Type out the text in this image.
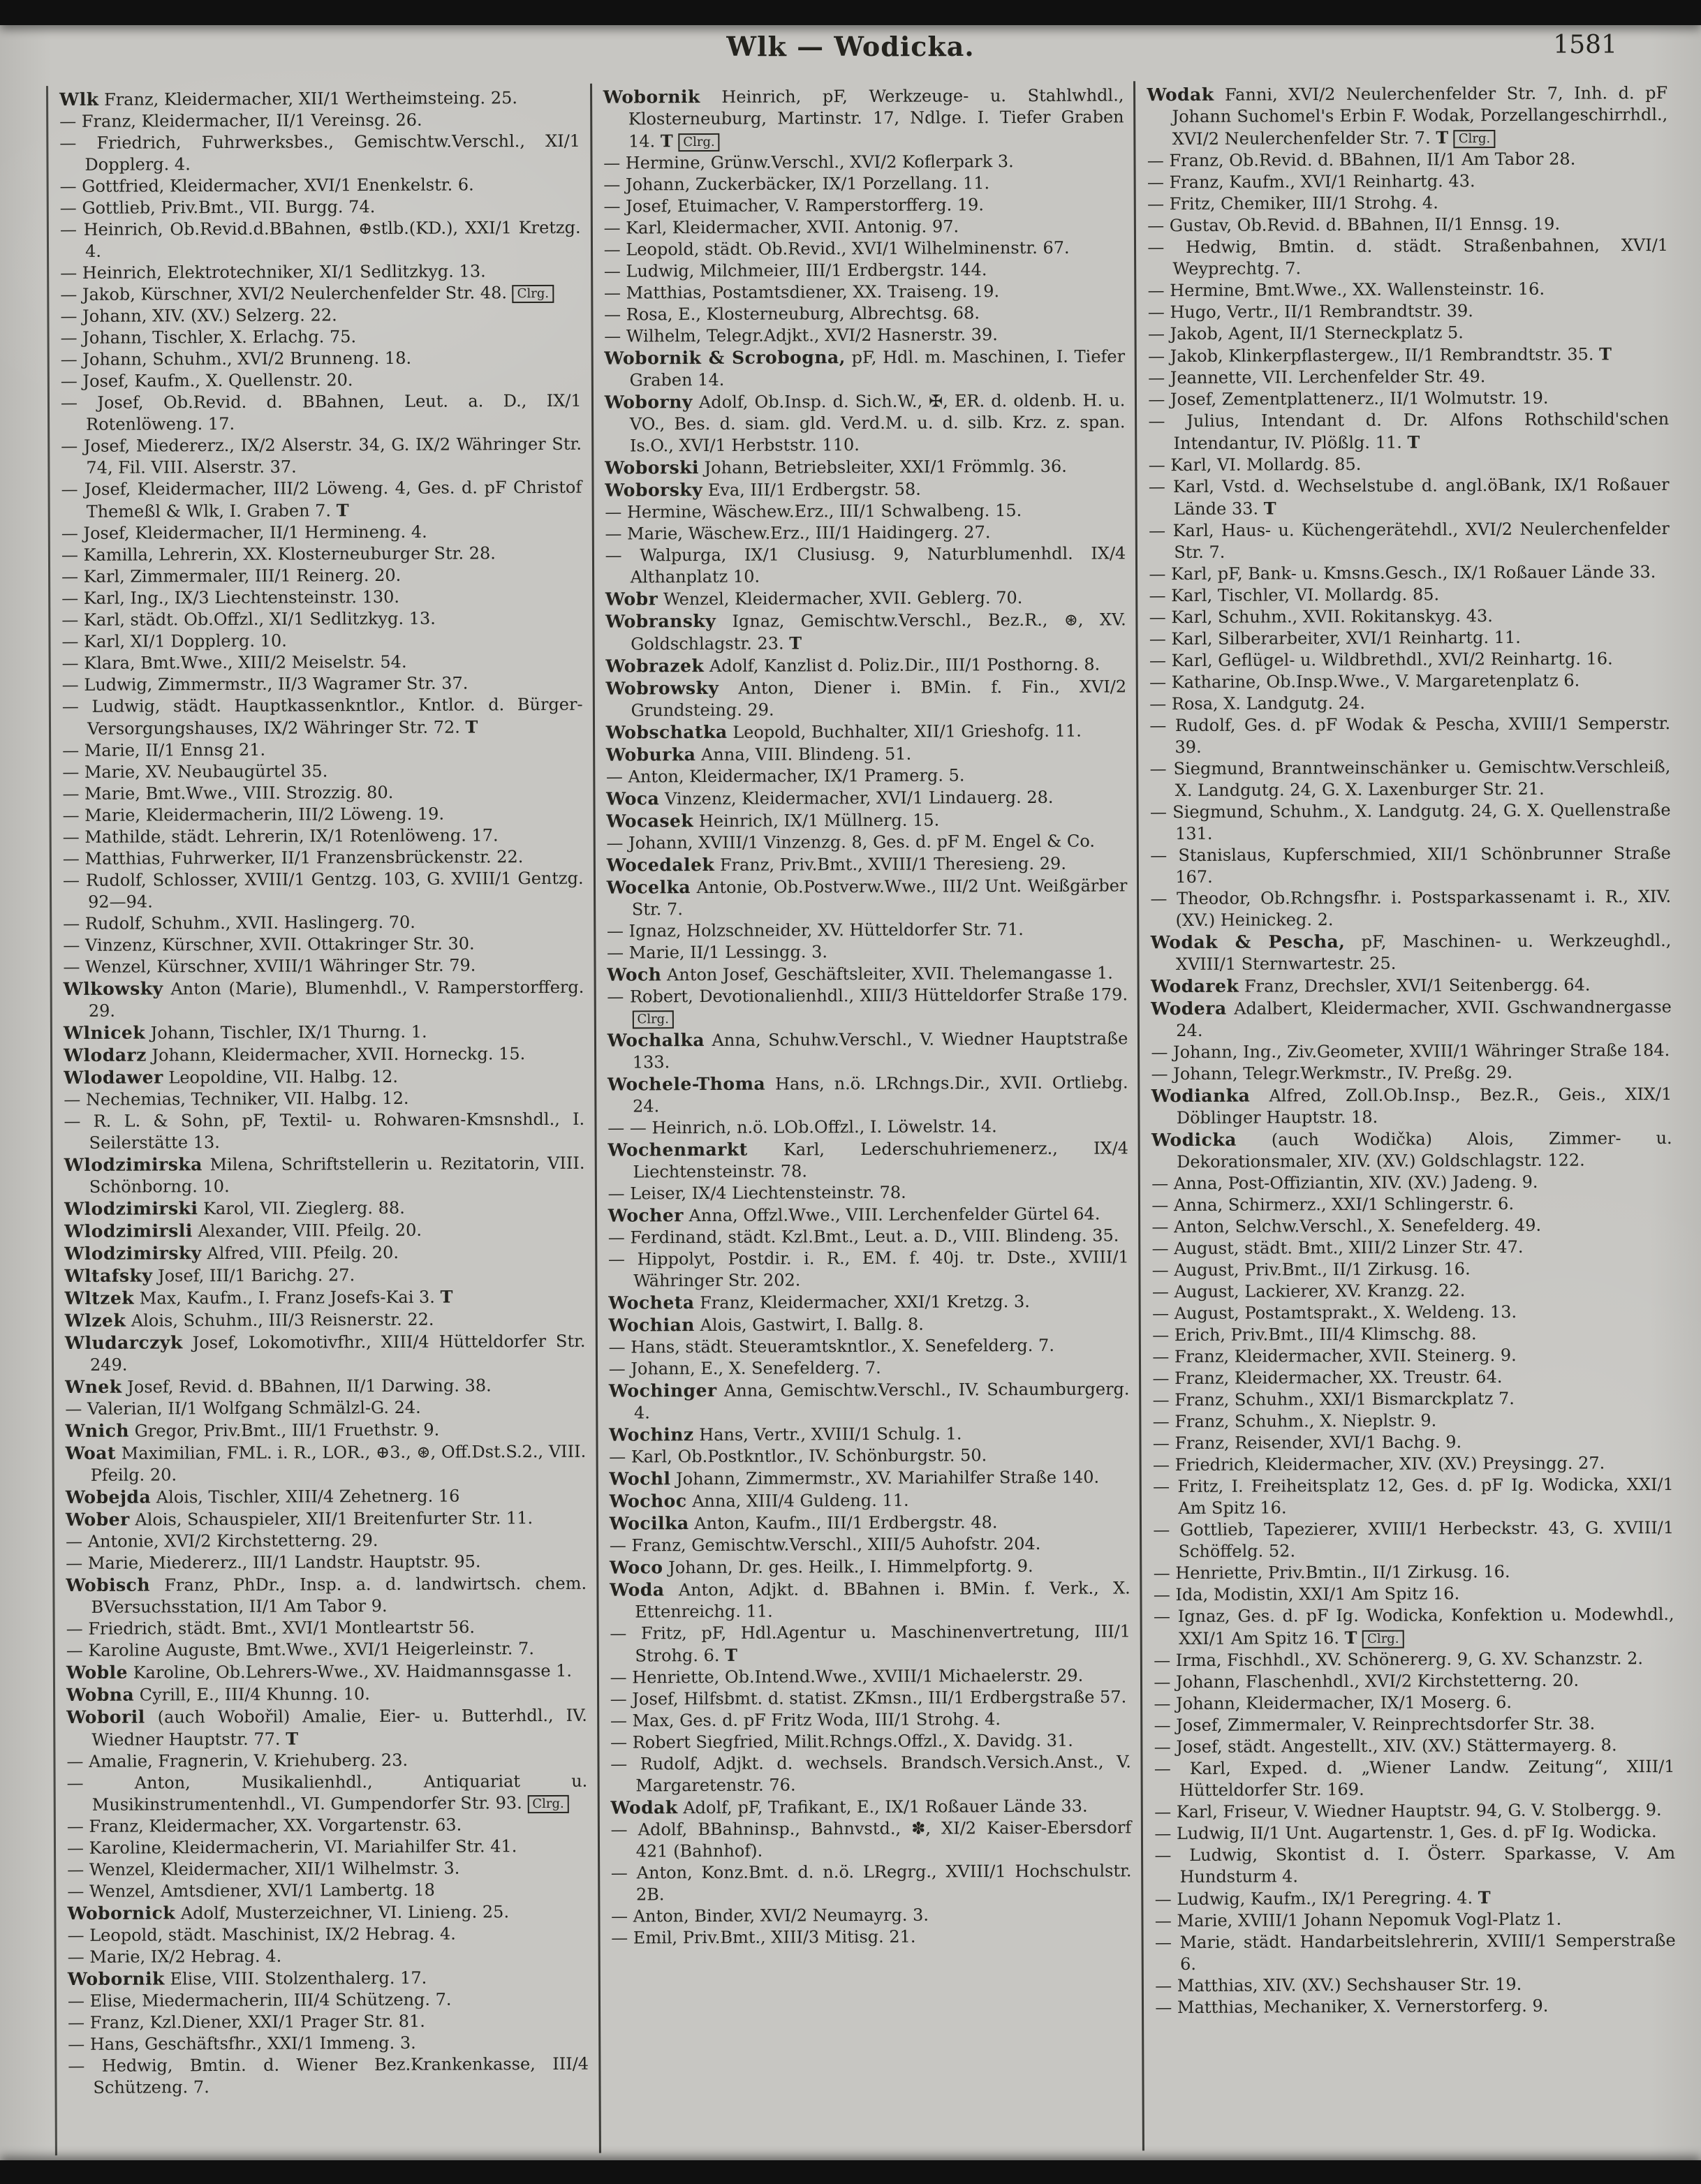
Wlk — Wodicka.	1581

Wlk Franz, Kleidermacher, XII/1 Wertheimsteing. 25.

— Franz, Kleidermacher, II/1 Vereinsg. 26.

— Friedrich, Fuhrwerksbes., Gemischtw.Verschl., XI/1 Dopplerg. 4.

— Gottfried, Kleidermacher, XVI/1 Enenkelstr. 6.

— Gottlieb, Priv.Bmt., VII. Burgg. 74.

— Heinrich, Ob.Revid.d.BBahnen, ⊕stlb.(KD.), XXI/1 Kretzg. 4.

— Heinrich, Elektrotechniker, XI/1 Sedlitzkyg. 13.

— Jakob, Kürschner, XVI/2 Neulerchenfelder Str. 48. Clrg.

— Johann, XIV. (XV.) Selzerg. 22.

— Johann, Tischler, X. Erlachg. 75.

— Johann, Schuhm., XVI/2 Brunneng. 18.

— Josef, Kaufm., X. Quellenstr. 20.

— Josef, Ob.Revid. d. BBahnen, Leut. a. D., IX/1 Rotenlöweng. 17.

— Josef, Miedererz., IX/2 Alserstr. 34, G. IX/2 Währinger Str. 74, Fil. VIII. Alserstr. 37.

— Josef, Kleidermacher, III/2 Löweng. 4, Ges. d. pF Christof Themeßl & Wlk, I. Graben 7. T

— Josef, Kleidermacher, II/1 Hermineng. 4.

— Kamilla, Lehrerin, XX. Klosterneuburger Str. 28.

— Karl, Zimmermaler, III/1 Reinerg. 20.

— Karl, Ing., IX/3 Liechtensteinstr. 130.

— Karl, städt. Ob.Offzl., XI/1 Sedlitzkyg. 13.

— Karl, XI/1 Dopplerg. 10.

— Klara, Bmt.Wwe., XIII/2 Meiselstr. 54.

— Ludwig, Zimmermstr., II/3 Wagramer Str. 37.

— Ludwig, städt. Hauptkassenkntlor., Kntlor. d. Bürger-Versorgungshauses, IX/2 Währinger Str. 72. T

— Marie, II/1 Ennsg 21.

— Marie, XV. Neubaugürtel 35.

— Marie, Bmt.Wwe., VIII. Strozzig. 80.

— Marie, Kleidermacherin, III/2 Löweng. 19.

— Mathilde, städt. Lehrerin, IX/1 Rotenlöweng. 17.

— Matthias, Fuhrwerker, II/1 Franzensbrückenstr. 22.

— Rudolf, Schlosser, XVIII/1 Gentzg. 103, G. XVIII/1 Gentzg. 92—94.

— Rudolf, Schuhm., XVII. Haslingerg. 70.

— Vinzenz, Kürschner, XVII. Ottakringer Str. 30.

— Wenzel, Kürschner, XVIII/1 Währinger Str. 79.

Wlkowsky Anton (Marie), Blumenhdl., V. Ramperstorfferg. 29.

Wlnicek Johann, Tischler, IX/1 Thurng. 1.

Wlodarz Johann, Kleidermacher, XVII. Horneckg. 15.

Wlodawer Leopoldine, VII. Halbg. 12.

— Nechemias, Techniker, VII. Halbg. 12.

— R. L. & Sohn, pF, Textil- u. Rohwaren-Kmsnshdl., I. Seilerstätte 13.

Wlodzimirska Milena, Schriftstellerin u. Rezitatorin, VIII. Schönborng. 10.

Wlodzimirski Karol, VII. Zieglerg. 88.

Wlodzimirsli Alexander, VIII. Pfeilg. 20.

Wlodzimirsky Alfred, VIII. Pfeilg. 20.

Wltafsky Josef, III/1 Barichg. 27.

Wltzek Max, Kaufm., I. Franz Josefs-Kai 3. T

Wlzek Alois, Schuhm., III/3 Reisnerstr. 22.

Wludarczyk Josef, Lokomotivfhr., XIII/4 Hütteldorfer Str. 249.

Wnek Josef, Revid. d. BBahnen, II/1 Darwing. 38.

— Valerian, II/1 Wolfgang Schmälzl-G. 24.

Wnich Gregor, Priv.Bmt., III/1 Fruethstr. 9.

Woat Maximilian, FML. i. R., LOR., ⊕3., ⊛, Off.Dst.S.2., VIII. Pfeilg. 20.

Wobejda Alois, Tischler, XIII/4 Zehetnerg. 16

Wober Alois, Schauspieler, XII/1 Breitenfurter Str. 11.

— Antonie, XVI/2 Kirchstetterng. 29.

— Marie, Miedererz., III/1 Landstr. Hauptstr. 95.

Wobisch Franz, PhDr., Insp. a. d. landwirtsch. chem. BVersuchsstation, II/1 Am Tabor 9.

— Friedrich, städt. Bmt., XVI/1 Montleartstr 56.

— Karoline Auguste, Bmt.Wwe., XVI/1 Heigerleinstr. 7.

Woble Karoline, Ob.Lehrers-Wwe., XV. Haidmannsgasse 1.

Wobna Cyrill, E., III/4 Khunng. 10.

Woboril (auch Wobořil) Amalie, Eier- u. Butterhdl., IV. Wiedner Hauptstr. 77. T

— Amalie, Fragnerin, V. Kriehuberg. 23.

— Anton, Musikalienhdl., Antiquariat u. Musikinstrumentenhdl., VI. Gumpendorfer Str. 93. Clrg.

— Franz, Kleidermacher, XX. Vorgartenstr. 63.

— Karoline, Kleidermacherin, VI. Mariahilfer Str. 41.

— Wenzel, Kleidermacher, XII/1 Wilhelmstr. 3.

— Wenzel, Amtsdiener, XVI/1 Lambertg. 18

Wobornick Adolf, Musterzeichner, VI. Linieng. 25.

— Leopold, städt. Maschinist, IX/2 Hebrag. 4.

— Marie, IX/2 Hebrag. 4.

Wobornik Elise, VIII. Stolzenthalerg. 17.

— Elise, Miedermacherin, III/4 Schützeng. 7.

— Franz, Kzl.Diener, XXI/1 Prager Str. 81.

— Hans, Geschäftsfhr., XXI/1 Immeng. 3.

— Hedwig, Bmtin. d. Wiener Bez.Krankenkasse, III/4 Schützeng. 7.

Wobornik Heinrich, pF, Werkzeuge- u. Stahlwhdl., Klosterneuburg, Martinstr. 17, Ndlge. I. Tiefer Graben 14. T Clrg.

— Hermine, Grünw.Verschl., XVI/2 Koflerpark 3.

— Johann, Zuckerbäcker, IX/1 Porzellang. 11.

— Josef, Etuimacher, V. Ramperstorfferg. 19.

— Karl, Kleidermacher, XVII. Antonig. 97.

— Leopold, städt. Ob.Revid., XVI/1 Wilhelminenstr. 67.

— Ludwig, Milchmeier, III/1 Erdbergstr. 144.

— Matthias, Postamtsdiener, XX. Traiseng. 19.

— Rosa, E., Klosterneuburg, Albrechtsg. 68.

— Wilhelm, Telegr.Adjkt., XVI/2 Hasnerstr. 39.

Wobornik & Scrobogna, pF, Hdl. m. Maschinen, I. Tiefer Graben 14.

Woborny Adolf, Ob.Insp. d. Sich.W., ✠, ER. d. oldenb. H. u. VO., Bes. d. siam. gld. Verd.M. u. d. silb. Krz. z. span. Is.O., XVI/1 Herbststr. 110.

Woborski Johann, Betriebsleiter, XXI/1 Frömmlg. 36.

Woborsky Eva, III/1 Erdbergstr. 58.

— Hermine, Wäschew.Erz., III/1 Schwalbeng. 15.

— Marie, Wäschew.Erz., III/1 Haidingerg. 27.

— Walpurga, IX/1 Clusiusg. 9, Naturblumenhdl. IX/4 Althanplatz 10.

Wobr Wenzel, Kleidermacher, XVII. Geblerg. 70.

Wobransky Ignaz, Gemischtw.Verschl., Bez.R., ⊛, XV. Goldschlagstr. 23. T

Wobrazek Adolf, Kanzlist d. Poliz.Dir., III/1 Posthorng. 8.

Wobrowsky Anton, Diener i. BMin. f. Fin., XVI/2 Grundsteing. 29.

Wobschatka Leopold, Buchhalter, XII/1 Grieshofg. 11.

Woburka Anna, VIII. Blindeng. 51.

— Anton, Kleidermacher, IX/1 Pramerg. 5.

Woca Vinzenz, Kleidermacher, XVI/1 Lindauerg. 28.

Wocasek Heinrich, IX/1 Müllnerg. 15.

— Johann, XVIII/1 Vinzenzg. 8, Ges. d. pF M. Engel & Co.

Wocedalek Franz, Priv.Bmt., XVIII/1 Theresieng. 29.

Wocelka Antonie, Ob.Postverw.Wwe., III/2 Unt. Weißgärber Str. 7.

— Ignaz, Holzschneider, XV. Hütteldorfer Str. 71.

— Marie, II/1 Lessingg. 3.

Woch Anton Josef, Geschäftsleiter, XVII. Thelemangasse 1.

— Robert, Devotionalienhdl., XIII/3 Hütteldorfer Straße 179. Clrg.

Wochalka Anna, Schuhw.Verschl., V. Wiedner Hauptstraße 133.

Wochele-Thoma Hans, n.ö. LRchngs.Dir., XVII. Ortliebg. 24.

— — Heinrich, n.ö. LOb.Offzl., I. Löwelstr. 14.

Wochenmarkt Karl, Lederschuhriemenerz., IX/4 Liechtensteinstr. 78.

— Leiser, IX/4 Liechtensteinstr. 78.

Wocher Anna, Offzl.Wwe., VIII. Lerchenfelder Gürtel 64.

— Ferdinand, städt. Kzl.Bmt., Leut. a. D., VIII. Blindeng. 35.

— Hippolyt, Postdir. i. R., EM. f. 40j. tr. Dste., XVIII/1 Währinger Str. 202.

Wocheta Franz, Kleidermacher, XXI/1 Kretzg. 3.

Wochian Alois, Gastwirt, I. Ballg. 8.

— Hans, städt. Steueramtskntlor., X. Senefelderg. 7.

— Johann, E., X. Senefelderg. 7.

Wochinger Anna, Gemischtw.Verschl., IV. Schaumburgerg. 4.

Wochinz Hans, Vertr., XVIII/1 Schulg. 1.

— Karl, Ob.Postkntlor., IV. Schönburgstr. 50.

Wochl Johann, Zimmermstr., XV. Mariahilfer Straße 140.

Wochoc Anna, XIII/4 Guldeng. 11.

Wocilka Anton, Kaufm., III/1 Erdbergstr. 48.

— Franz, Gemischtw.Verschl., XIII/5 Auhofstr. 204.

Woco Johann, Dr. ges. Heilk., I. Himmelpfortg. 9.

Woda Anton, Adjkt. d. BBahnen i. BMin. f. Verk., X. Ettenreichg. 11.

— Fritz, pF, Hdl.Agentur u. Maschinenvertretung, III/1 Strohg. 6. T

— Henriette, Ob.Intend.Wwe., XVIII/1 Michaelerstr. 29.

— Josef, Hilfsbmt. d. statist. ZKmsn., III/1 Erdbergstraße 57.

— Max, Ges. d. pF Fritz Woda, III/1 Strohg. 4.

— Robert Siegfried, Milit.Rchngs.Offzl., X. Davidg. 31.

— Rudolf, Adjkt. d. wechsels. Brandsch.Versich.Anst., V. Margaretenstr. 76.

Wodak Adolf, pF, Trafikant, E., IX/1 Roßauer Lände 33.

— Adolf, BBahninsp., Bahnvstd., ✽, XI/2 Kaiser-Ebersdorf 421 (Bahnhof).

— Anton, Konz.Bmt. d. n.ö. LRegrg., XVIII/1 Hochschulstr. 2B.

— Anton, Binder, XVI/2 Neumayrg. 3.

— Emil, Priv.Bmt., XIII/3 Mitisg. 21.

Wodak Fanni, XVI/2 Neulerchenfelder Str. 7, Inh. d. pF Johann Suchomel's Erbin F. Wodak, Porzellangeschirrhdl., XVI/2 Neulerchenfelder Str. 7. T Clrg.

— Franz, Ob.Revid. d. BBahnen, II/1 Am Tabor 28.

— Franz, Kaufm., XVI/1 Reinhartg. 43.

— Fritz, Chemiker, III/1 Strohg. 4.

— Gustav, Ob.Revid. d. BBahnen, II/1 Ennsg. 19.

— Hedwig, Bmtin. d. städt. Straßenbahnen, XVI/1 Weyprechtg. 7.

— Hermine, Bmt.Wwe., XX. Wallensteinstr. 16.

— Hugo, Vertr., II/1 Rembrandtstr. 39.

— Jakob, Agent, II/1 Sterneckplatz 5.

— Jakob, Klinkerpflastergew., II/1 Rembrandtstr. 35. T

— Jeannette, VII. Lerchenfelder Str. 49.

— Josef, Zementplattenerz., II/1 Wolmutstr. 19.

— Julius, Intendant d. Dr. Alfons Rothschild'schen Intendantur, IV. Plößlg. 11. T

— Karl, VI. Mollardg. 85.

— Karl, Vstd. d. Wechselstube d. angl.öBank, IX/1 Roßauer Lände 33. T

— Karl, Haus- u. Küchengerätehdl., XVI/2 Neulerchenfelder Str. 7.

— Karl, pF, Bank- u. Kmsns.Gesch., IX/1 Roßauer Lände 33.

— Karl, Tischler, VI. Mollardg. 85.

— Karl, Schuhm., XVII. Rokitanskyg. 43.

— Karl, Silberarbeiter, XVI/1 Reinhartg. 11.

— Karl, Geflügel- u. Wildbrethdl., XVI/2 Reinhartg. 16.

— Katharine, Ob.Insp.Wwe., V. Margaretenplatz 6.

— Rosa, X. Landgutg. 24.

— Rudolf, Ges. d. pF Wodak & Pescha, XVIII/1 Semperstr. 39.

— Siegmund, Branntweinschänker u. Gemischtw.Verschleiß, X. Landgutg. 24, G. X. Laxenburger Str. 21.

— Siegmund, Schuhm., X. Landgutg. 24, G. X. Quellenstraße 131.

— Stanislaus, Kupferschmied, XII/1 Schönbrunner Straße 167.

— Theodor, Ob.Rchngsfhr. i. Postsparkassenamt i. R., XIV. (XV.) Heinickeg. 2.

Wodak & Pescha, pF, Maschinen- u. Werkzeughdl., XVIII/1 Sternwartestr. 25.

Wodarek Franz, Drechsler, XVI/1 Seitenbergg. 64.

Wodera Adalbert, Kleidermacher, XVII. Gschwandnergasse 24.

— Johann, Ing., Ziv.Geometer, XVIII/1 Währinger Straße 184.

— Johann, Telegr.Werkmstr., IV. Preßg. 29.

Wodianka Alfred, Zoll.Ob.Insp., Bez.R., Geis., XIX/1 Döblinger Hauptstr. 18.

Wodicka (auch Wodička) Alois, Zimmer- u. Dekorationsmaler, XIV. (XV.) Goldschlagstr. 122.

— Anna, Post-Offiziantin, XIV. (XV.) Jadeng. 9.

— Anna, Schirmerz., XXI/1 Schlingerstr. 6.

— Anton, Selchw.Verschl., X. Senefelderg. 49.

— August, städt. Bmt., XIII/2 Linzer Str. 47.

— August, Priv.Bmt., II/1 Zirkusg. 16.

— August, Lackierer, XV. Kranzg. 22.

— August, Postamtsprakt., X. Weldeng. 13.

— Erich, Priv.Bmt., III/4 Klimschg. 88.

— Franz, Kleidermacher, XVII. Steinerg. 9.

— Franz, Kleidermacher, XX. Treustr. 64.

— Franz, Schuhm., XXI/1 Bismarckplatz 7.

— Franz, Schuhm., X. Nieplstr. 9.

— Franz, Reisender, XVI/1 Bachg. 9.

— Friedrich, Kleidermacher, XIV. (XV.) Preysingg. 27.

— Fritz, I. Freiheitsplatz 12, Ges. d. pF Ig. Wodicka, XXI/1 Am Spitz 16.

— Gottlieb, Tapezierer, XVIII/1 Herbeckstr. 43, G. XVIII/1 Schöffelg. 52.

— Henriette, Priv.Bmtin., II/1 Zirkusg. 16.

— Ida, Modistin, XXI/1 Am Spitz 16.

— Ignaz, Ges. d. pF Ig. Wodicka, Konfektion u. Modewhdl., XXI/1 Am Spitz 16. T Clrg.

— Irma, Fischhdl., XV. Schönererg. 9, G. XV. Schanzstr. 2.

— Johann, Flaschenhdl., XVI/2 Kirchstetterng. 20.

— Johann, Kleidermacher, IX/1 Moserg. 6.

— Josef, Zimmermaler, V. Reinprechtsdorfer Str. 38.

— Josef, städt. Angestellt., XIV. (XV.) Stättermayerg. 8.

— Karl, Exped. d. „Wiener Landw. Zeitung“, XIII/1 Hütteldorfer Str. 169.

— Karl, Friseur, V. Wiedner Hauptstr. 94, G. V. Stolbergg. 9.

— Ludwig, II/1 Unt. Augartenstr. 1, Ges. d. pF Ig. Wodicka.

— Ludwig, Skontist d. I. Österr. Sparkasse, V. Am Hundsturm 4.

— Ludwig, Kaufm., IX/1 Peregring. 4. T

— Marie, XVIII/1 Johann Nepomuk Vogl-Platz 1.

— Marie, städt. Handarbeitslehrerin, XVIII/1 Semperstraße 6.

— Matthias, XIV. (XV.) Sechshauser Str. 19.

— Matthias, Mechaniker, X. Vernerstorferg. 9.
